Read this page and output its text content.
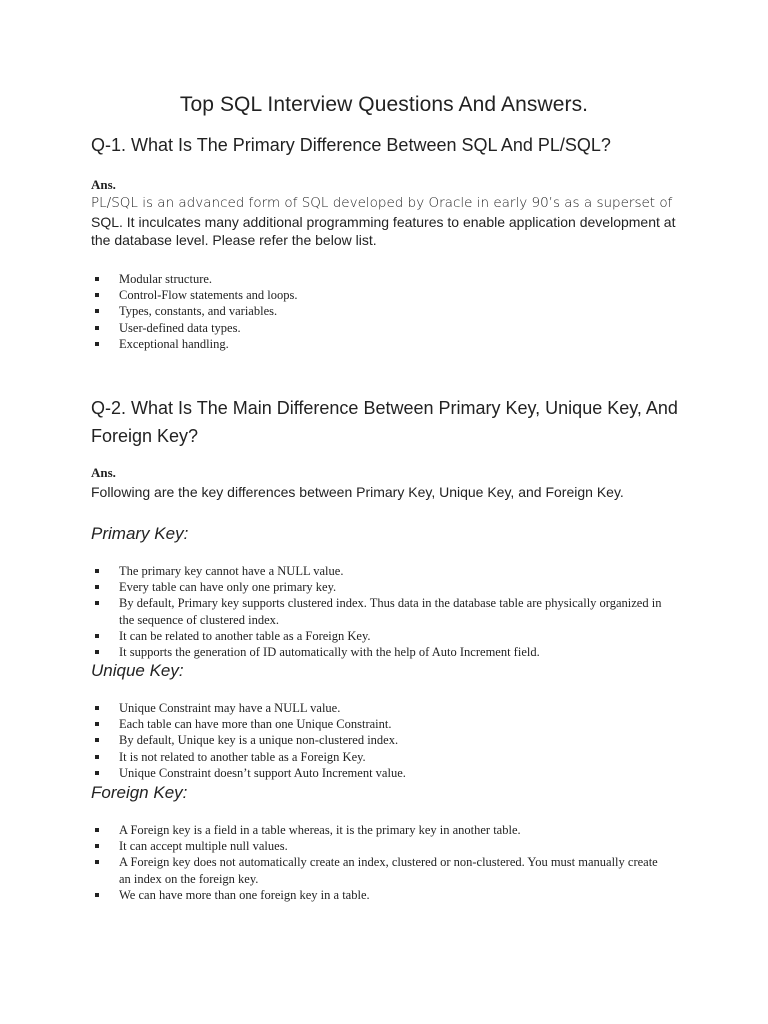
Top SQL Interview Questions And Answers.
Q-1. What Is The Primary Difference Between SQL And PL/SQL?
Ans.
PL/SQL is an advanced form of SQL developed by Oracle in early 90’s as a superset of
SQL. It inculcates many additional programming features to enable application development at the database level. Please refer the below list.
Modular structure.
Control-Flow statements and loops.
Types, constants, and variables.
User-defined data types.
Exceptional handling.
Q-2. What Is The Main Difference Between Primary Key, Unique Key, And Foreign Key?
Ans.
Following are the key differences between Primary Key, Unique Key, and Foreign Key.
Primary Key:
The primary key cannot have a NULL value.
Every table can have only one primary key.
By default, Primary key supports clustered index. Thus data in the database table are physically organized in the sequence of clustered index.
It can be related to another table as a Foreign Key.
It supports the generation of ID automatically with the help of Auto Increment field.
Unique Key:
Unique Constraint may have a NULL value.
Each table can have more than one Unique Constraint.
By default, Unique key is a unique non-clustered index.
It is not related to another table as a Foreign Key.
Unique Constraint doesn’t support Auto Increment value.
Foreign Key:
A Foreign key is a field in a table whereas, it is the primary key in another table.
It can accept multiple null values.
A Foreign key does not automatically create an index, clustered or non-clustered. You must manually create an index on the foreign key.
We can have more than one foreign key in a table.
